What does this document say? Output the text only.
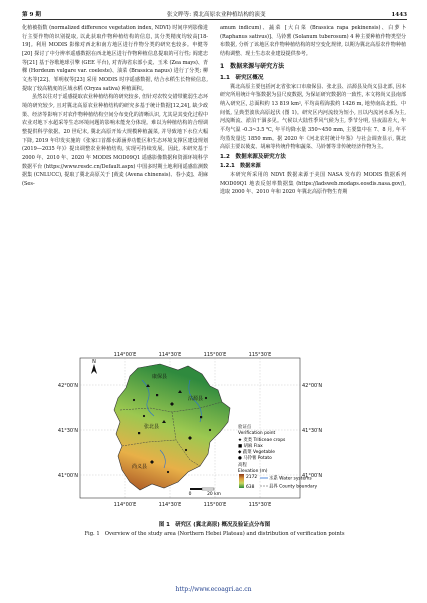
第 9 期	张文晔等: 冀北高原农业种植结构的演变	1443

化植被指数 (normalized difference vegetation index, NDVI) 时间序列影像进行主要作物的识别提取, 以此获取作物种植结构的信息, 其分类精度均较高[18-19]。利用 MODIS 影像对西北和南方地区进行作物分类的研究也较多。申健等[20] 探讨了中分辨率遥感数据在西北地区进行作物种植信息提取的可行性; 阎建忠等[21] 基于谷歌地球引擎 (GEE 平台), 对青海省东部小麦、玉米 (Zea mays)、青稞 (Hordeum vulgare var. coeleste)、油菜 (Brassica napus) 进行了分类; 柳文杰等[22]、邹明权等[23] 采用 MODIS 时序遥感数据, 结合水稻生长物候信息, 提取了较高精度的区域水稻 (Oryza sativa) 种植面积。

虽然以往对于遥感提取农业种植结构的研究较多, 但针对农牧交错带脆弱生态环境的研究较少, 且对冀北高原农业种植结构的研究多基于统计数据[12,24], 缺少政策、经济等影响下对农作物种植结构空间分布变化的清晰认识, 尤其是其变化过程中农业对地下水超采等生态环境问题的影响未能充分体现。难以为种植结构的合理调整提供科学依据。20 世纪末, 冀北高原开始大规模种植蔬菜, 并导致地下水位大幅下降, 2019 年印发实施的《张家口首都水源涵养功能区和生态环境支撑区建设规划 (2019—2035 年)》提出调整农业种植结构, 实现可持续发展。因此, 本研究基于 2000 年、2010 年、2020 年 MODIS MOD09Q1 遥感影像数据和资源环境科学数据平台 (https://www.resdc.cn/Default.aspx) 中国多时期土地利用遥感监测数据集 (CNLUCC), 提取了冀北高原关于 [莜麦 (Avena chinensis)、春小麦]、胡麻 (Ses-

amum indicum)、蔬菜 [大白菜 (Brassica rapa pekinensis)、白萝卜 (Raphanus sativus)]、马铃薯 (Solanum tuberosum) 4 种主要种植作物类型分布数据, 分析了该地区农作物种植结构的时空变化规律, 以期为冀北高原农作物种植结构调整、现土生态农业建设提供参考。

1　数据来源与研究方法
1.1　研究区概况

冀北高原主要包括河北省张家口市康保县、张北县、沽源县及尚义县北部, 因本研究所用统计年鉴数据为县尺度数据, 为保证研究数据的一致性, 本文将尚义县南部纳入研究区, 总面积约 13 819 km², 平均高程海拔约 1426 m, 地势南高北低、中间低, 呈典型波状高原起伏 (图 1)。研究区内河流较为短小, 且以内流河水系为主, 河流断流、淤泊干涸多见。气候以大陆性季风气候为主, 季节分明, 昼夜温差大, 年平均气温 -0.3~3.5 ℃, 年平均降水量 350~450 mm, 主要集中在 7、8 月, 年平均蒸发量达 1850 mm。据 2020 年《河北农村统计年鉴》与社会调查显示, 冀北高原主要以莜麦、胡麻等传统作物和蔬菜、马铃薯等非传统经济作物为主。

1.2　数据来源及研究方法
1.2.1　数据来源

本研究所采用的 NDVI 数据来源于美国 NASA 发布的 MODIS 数据系列 MOD09Q1 地表反射率数据集 (https://ladsweb.modaps.eosdis.nasa.gov/), 选取 2000 年、2010 年和 2020 年冀北高原作物生育期

康保县
沽源县
张北县
尚义县
114°00′E	114°30′E	115°00′E	115°30′E
114°00′E	114°30′E	115°00′E	115°30′E
42°00′N
41°30′N
41°00′N
42°00′N
41°30′N
41°00′N
N
0	20 km
验证点
Verification point
★ 麦类 Triticeae crops
■ 胡麻 Flax
◆ 蔬菜 Vegetable
● 马铃薯 Potato
高程
Elevation (m)
2172
638
水系 Water systems
县界 County boundary
图 1　研究区 (冀北高原) 概况及验证点分布图
Fig. 1　Overview of the study area (Northern Hebei Plateau) and distribution of verification points
http://www.ecoagri.ac.cn
